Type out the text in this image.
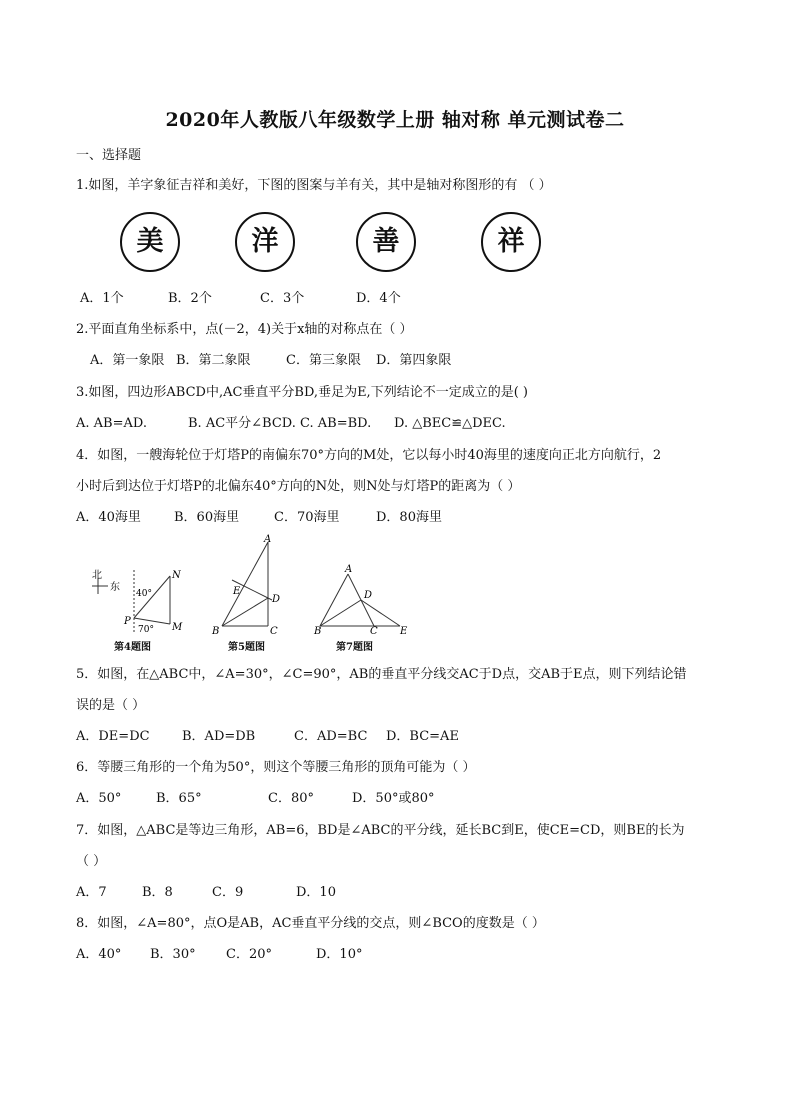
2020年人教版八年级数学上册 轴对称 单元测试卷二
一、选择题
1.如图，羊字象征吉祥和美好，下图的图案与羊有关，其中是轴对称图形的有 （ ）
美	洋	善	祥
A．1个	B．2个	C．3个	D．4个
2.平面直角坐标系中，点(－2，4)关于x轴的对称点在（ ）
A．第一象限 B．第二象限	C．第三象限 D．第四象限
3.如图，四边形ABCD中,AC垂直平分BD,垂足为E,下列结论不一定成立的是( )
A. AB=AD.	B. AC平分∠BCD. C. AB=BD. D. △BEC≌△DEC.
4．如图，一艘海轮位于灯塔P的南偏东70°方向的M处，它以每小时40海里的速度向正北方向航行，2
小时后到达位于灯塔P的北偏东40°方向的N处，则N处与灯塔P的距离为（ ）
A．40海里	B．60海里	C．70海里	D．80海里
北
东
40°
70°
P
N
M
第4题图
A
B	C
D
E
第5题图
A
B	C
D
E
第7题图
5．如图，在△ABC中，∠A=30°，∠C=90°，AB的垂直平分线交AC于D点，交AB于E点，则下列结论错
误的是（ ）
A．DE=DC B．AD=DB	C．AD=BC D．BC=AE
6．等腰三角形的一个角为50°，则这个等腰三角形的顶角可能为（ ）
A．50°	B．65°	C．80°	D．50°或80°
7．如图，△ABC是等边三角形，AB=6，BD是∠ABC的平分线，延长BC到E，使CE=CD，则BE的长为
（ ）
A．7	B．8	C．9	D．10
8．如图，∠A=80°，点O是AB，AC垂直平分线的交点，则∠BCO的度数是（ ）
A．40° B．30° C．20°	D．10°
